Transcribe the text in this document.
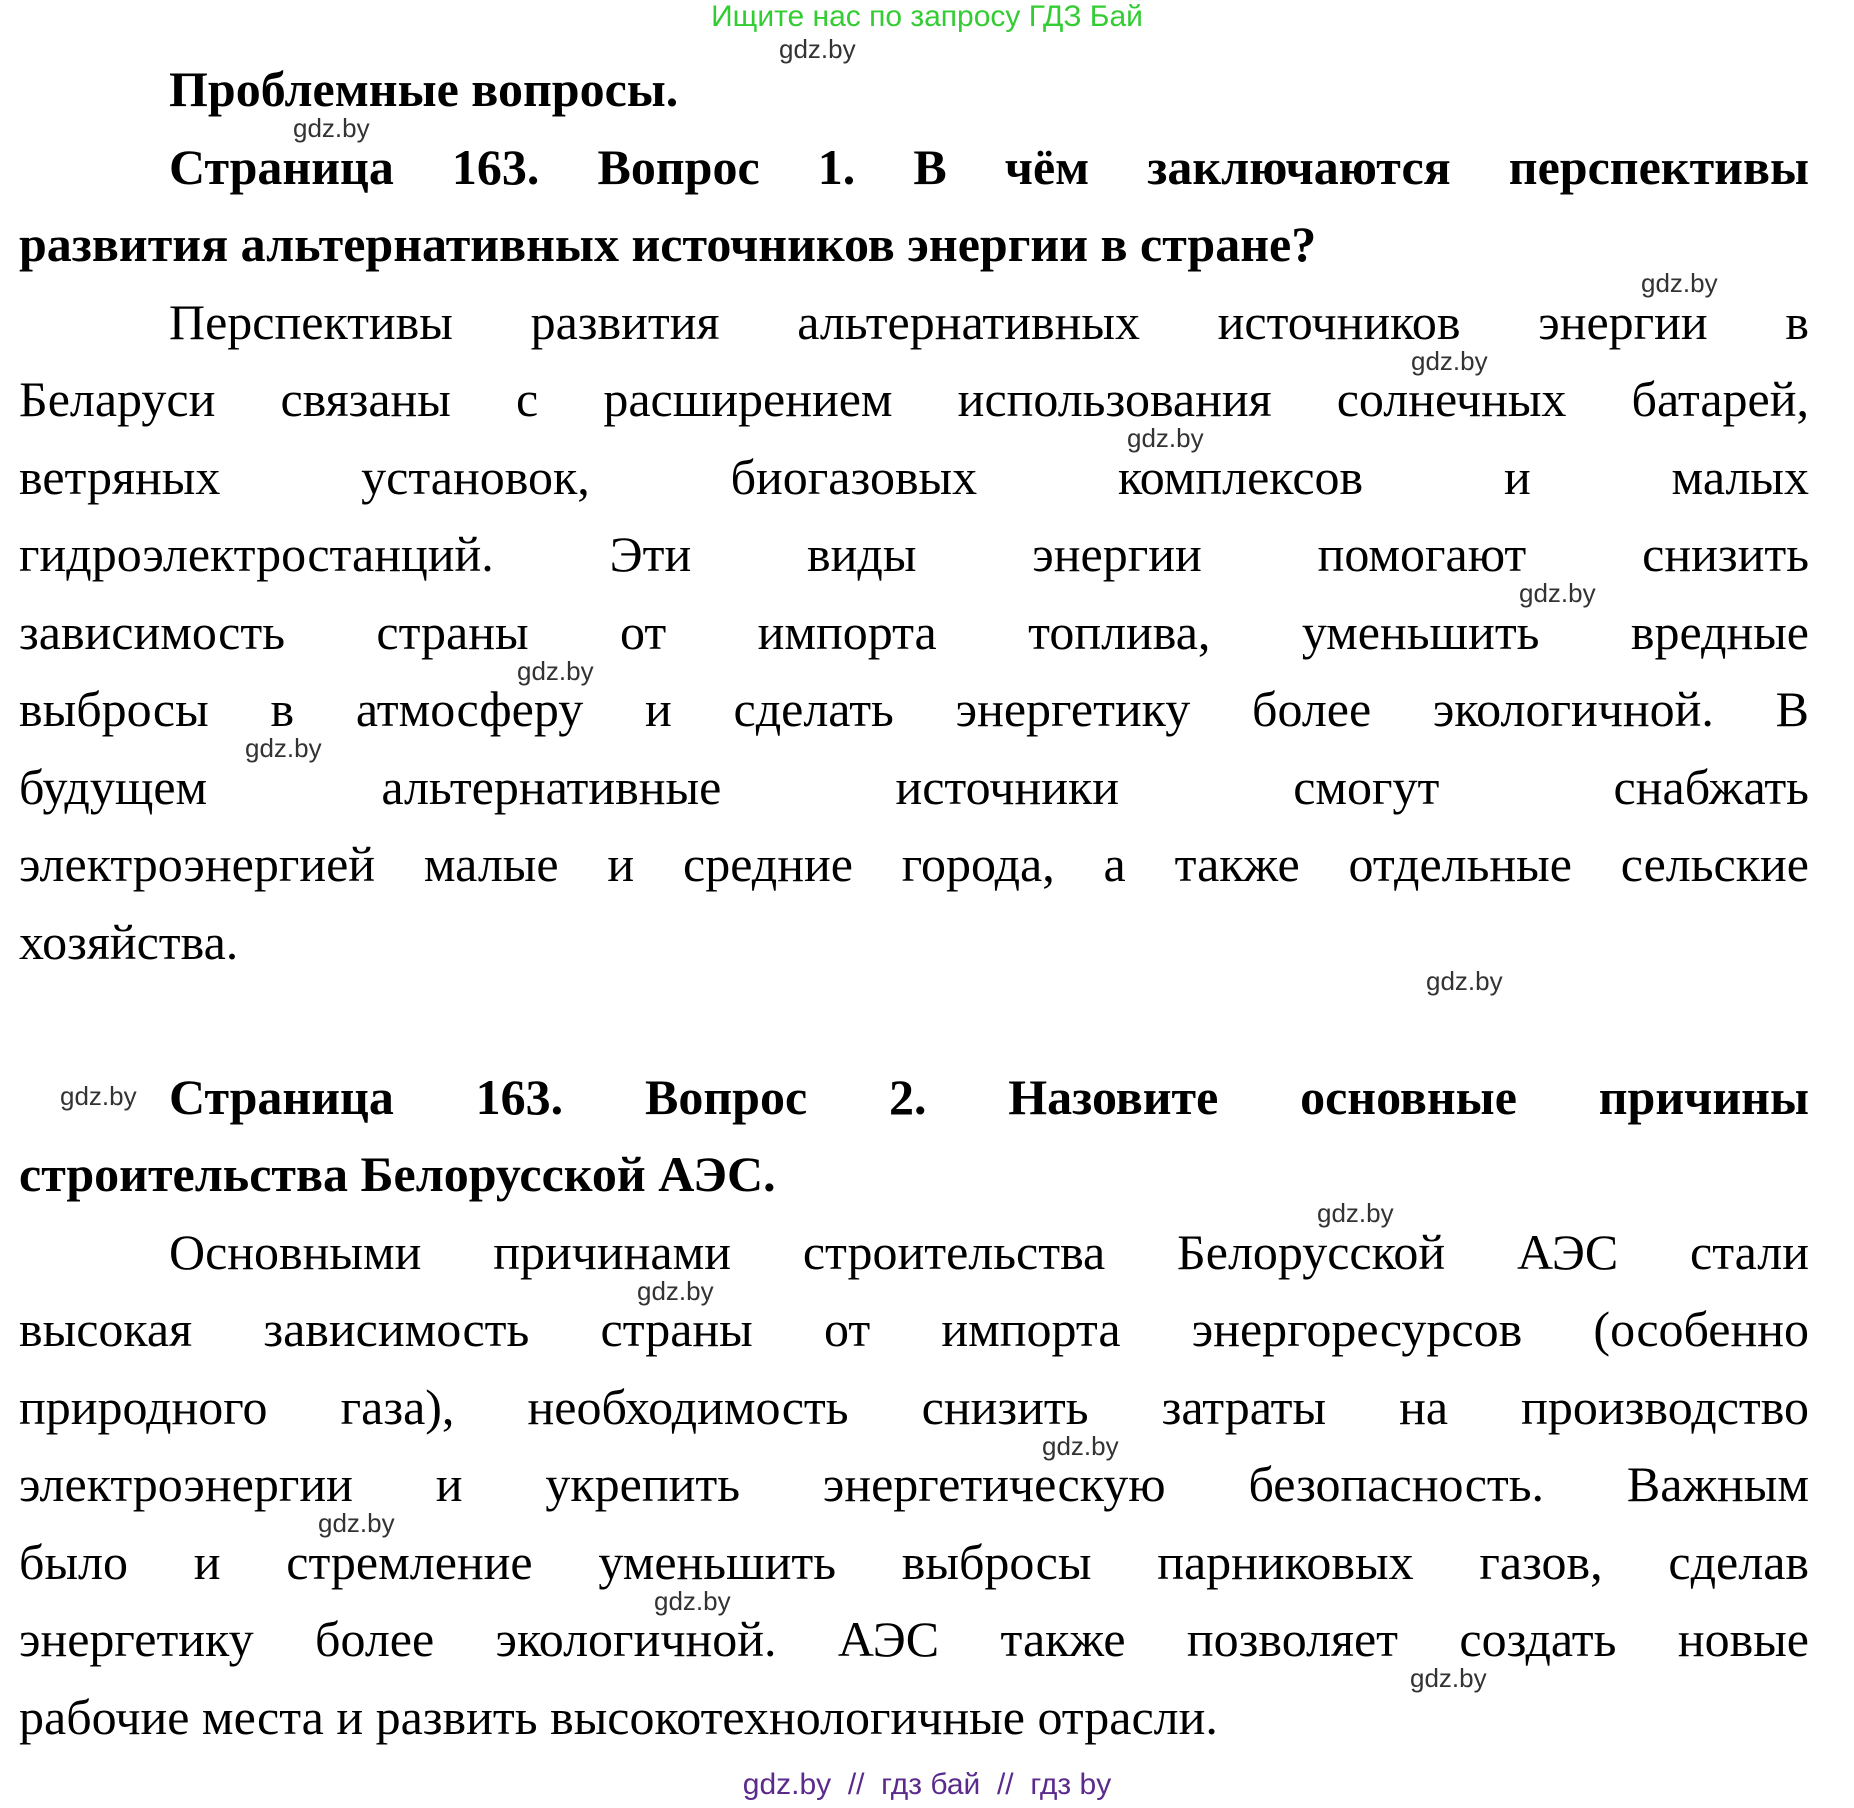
Ищите нас по запросу ГДЗ Бай
Проблемные вопросы.
Страница 163. Вопрос 1. В чём заключаются перспективы
развития альтернативных источников энергии в стране?
Перспективы развития альтернативных источников энергии в
Беларуси связаны с расширением использования солнечных батарей,
ветряных установок, биогазовых комплексов и малых
гидроэлектростанций. Эти виды энергии помогают снизить
зависимость страны от импорта топлива, уменьшить вредные
выбросы в атмосферу и сделать энергетику более экологичной. В
будущем альтернативные источники смогут снабжать
электроэнергией малые и средние города, а также отдельные сельские
хозяйства.
Страница 163. Вопрос 2. Назовите основные причины
строительства Белорусской АЭС.
Основными причинами строительства Белорусской АЭС стали
высокая зависимость страны от импорта энергоресурсов (особенно
природного газа), необходимость снизить затраты на производство
электроэнергии и укрепить энергетическую безопасность. Важным
было и стремление уменьшить выбросы парниковых газов, сделав
энергетику более экологичной. АЭС также позволяет создать новые
рабочие места и развить высокотехнологичные отрасли.
gdz.by
gdz.by
gdz.by
gdz.by
gdz.by
gdz.by
gdz.by
gdz.by
gdz.by
gdz.by
gdz.by
gdz.by
gdz.by
gdz.by
gdz.by
gdz.by
gdz.by  //  гдз бай  //  гдз by
